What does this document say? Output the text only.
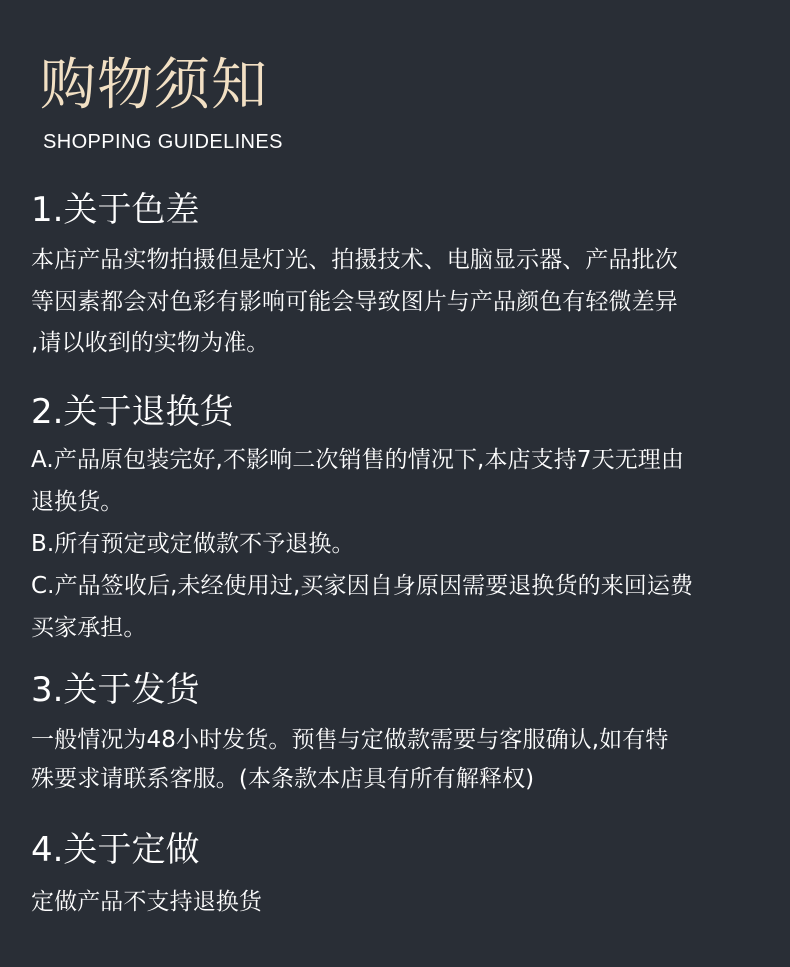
购物须知

SHOPPING GUIDELINES

1.关于色差

本店产品实物拍摄但是灯光、拍摄技术、电脑显示器、产品批次

等因素都会对色彩有影响可能会导致图片与产品颜色有轻微差异

,请以收到的实物为准。

2.关于退换货

A.产品原包装完好,不影响二次销售的情况下,本店支持7天无理由

退换货。

B.所有预定或定做款不予退换。

C.产品签收后,未经使用过,买家因自身原因需要退换货的来回运费

买家承担。

3.关于发货

一般情况为48小时发货。预售与定做款需要与客服确认,如有特

殊要求请联系客服。(本条款本店具有所有解释权)

4.关于定做

定做产品不支持退换货
